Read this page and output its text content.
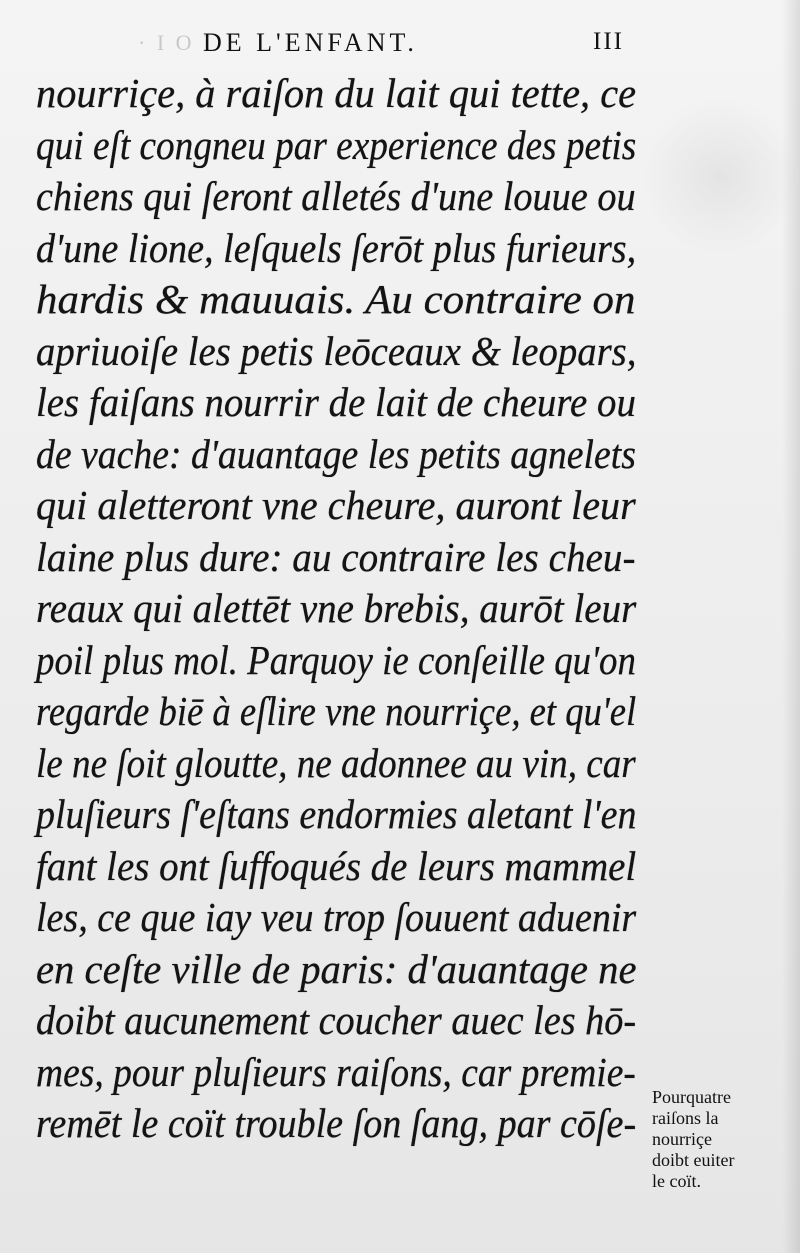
· I O I
DE L'ENFANT.	III
nourriçe, à raiſon du lait qui tette, ce
qui eſt congneu par experience des petis
chiens qui ſeront alletés d'une louue ou
d'une lione, leſquels ſerōt plus furieurs,
hardis & mauuais. Au contraire on
apriuoiſe les petis leōceaux & leopars,
les faiſans nourrir de lait de cheure ou
de vache: d'auantage les petits agnelets
qui aletteront vne cheure, auront leur
laine plus dure: au contraire les cheu-
reaux qui alettēt vne brebis, aurōt leur
poil plus mol. Parquoy ie conſeille qu'on
regarde biē à eſlire vne nourriçe, et qu'el
le ne ſoit gloutte, ne adonnee au vin, car
pluſieurs ſ'eſtans endormies aletant l'en
fant les ont ſuffoqués de leurs mammel
les, ce que iay veu trop ſouuent aduenir
en ceſte ville de paris: d'auantage ne
doibt aucunement coucher auec les hō-
mes, pour pluſieurs raiſons, car premie-
remēt le coït trouble ſon ſang, par cōſe-
Pourquatre
raiſons la
nourriçe
doibt euiter
le coït.
